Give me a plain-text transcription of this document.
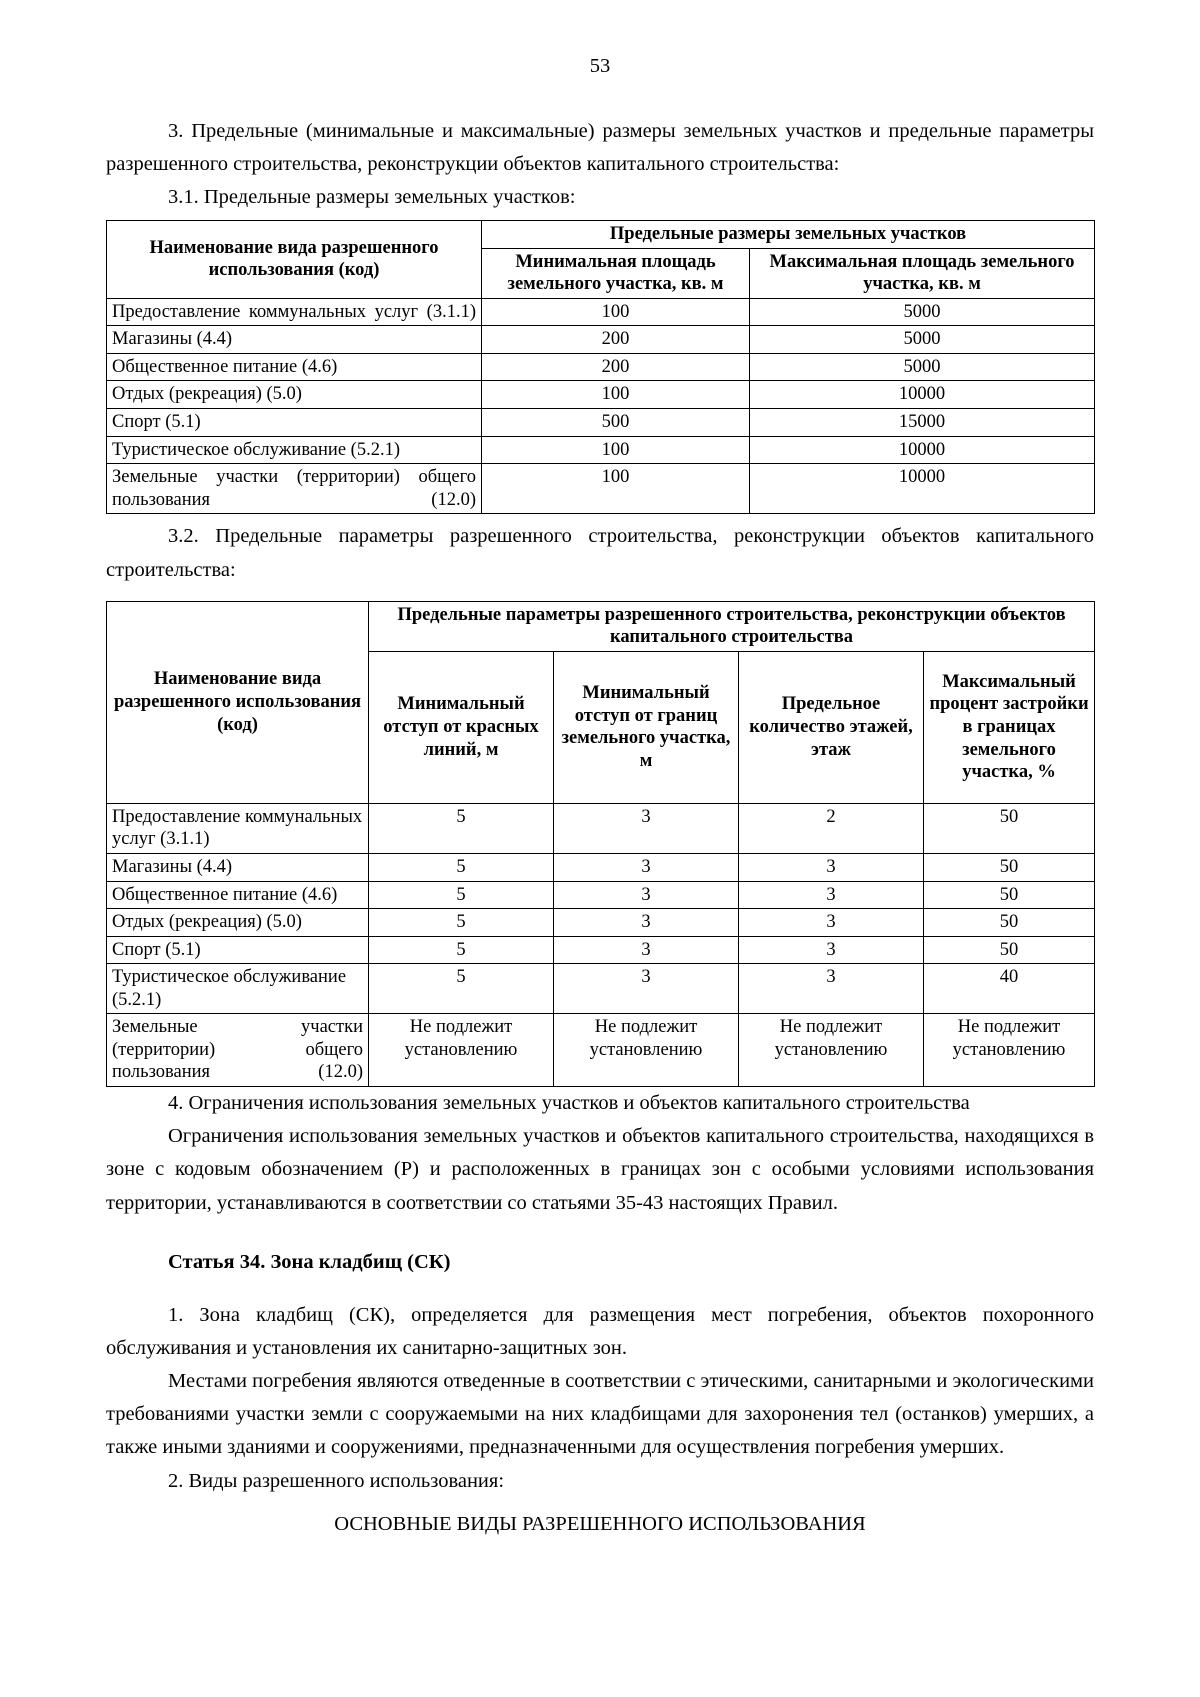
53

3. Предельные (минимальные и максимальные) размеры земельных участков и предельные параметры разрешенного строительства, реконструкции объектов капитального строительства:

3.1. Предельные размеры земельных участков:

Наименование вида разрешенного использования (код)	Предельные размеры земельных участков	
	Минимальная площадь земельного участка, кв. м	Максимальная площадь земельного участка, кв. м
Предоставление коммунальных услуг (3.1.1)	100	5000
Магазины (4.4)	200	5000
Общественное питание (4.6)	200	5000
Отдых (рекреация) (5.0)	100	10000
Спорт (5.1)	500	15000
Туристическое обслуживание (5.2.1)	100	10000
Земельные участки (территории) общего пользования (12.0)	100	10000

3.2. Предельные параметры разрешенного строительства, реконструкции объектов капитального строительства:

Наименование вида разрешенного использования (код)	Предельные параметры разрешенного строительства, реконструкции объектов капитального строительства			
	Минимальный отступ от красных линий, м	Минимальный отступ от границ земельного участка, м	Предельное количество этажей, этаж	Максимальный процент застройки в границах земельного участка, %
Предоставление коммунальных услуг (3.1.1)	5	3	2	50
Магазины (4.4)	5	3	3	50
Общественное питание (4.6)	5	3	3	50
Отдых (рекреация) (5.0)	5	3	3	50
Спорт (5.1)	5	3	3	50
Туристическое обслуживание (5.2.1)	5	3	3	40
Земельные участки (территории) общего пользования (12.0)	Не подлежит установлению	Не подлежит установлению	Не подлежит установлению	Не подлежит установлению

4. Ограничения использования земельных участков и объектов капитального строительства

Ограничения использования земельных участков и объектов капитального строительства, находящихся в зоне с кодовым обозначением (Р) и расположенных в границах зон с особыми условиями использования территории, устанавливаются в соответствии со статьями 35-43 настоящих Правил.

Статья 34. Зона кладбищ (СК)

1. Зона кладбищ (СК), определяется для размещения мест погребения, объектов похоронного обслуживания и установления их санитарно-защитных зон.

Местами погребения являются отведенные в соответствии с этическими, санитарными и экологическими требованиями участки земли с сооружаемыми на них кладбищами для захоронения тел (останков) умерших, а также иными зданиями и сооружениями, предназначенными для осуществления погребения умерших.

2. Виды разрешенного использования:

ОСНОВНЫЕ ВИДЫ РАЗРЕШЕННОГО ИСПОЛЬЗОВАНИЯ
